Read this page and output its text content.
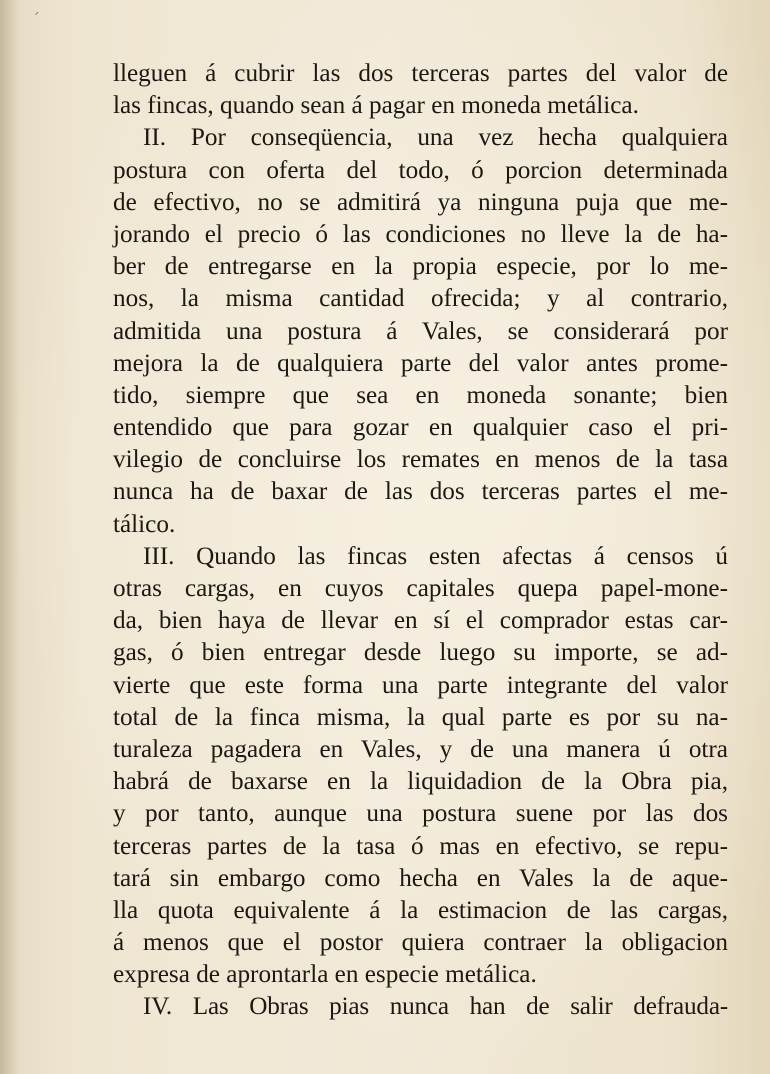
´
lleguen á cubrir las dos terceras partes del valor de
las fincas, quando sean á pagar en moneda metálica.
II. Por conseqüencia, una vez hecha qualquiera
postura con oferta del todo, ó porcion determinada
de efectivo, no se admitirá ya ninguna puja que me-
jorando el precio ó las condiciones no lleve la de ha-
ber de entregarse en la propia especie, por lo me-
nos, la misma cantidad ofrecida; y al contrario,
admitida una postura á Vales, se considerará por
mejora la de qualquiera parte del valor antes prome-
tido, siempre que sea en moneda sonante; bien
entendido que para gozar en qualquier caso el pri-
vilegio de concluirse los remates en menos de la tasa
nunca ha de baxar de las dos terceras partes el me-
tálico.
III. Quando las fincas esten afectas á censos ú
otras cargas, en cuyos capitales quepa papel-mone-
da, bien haya de llevar en sí el comprador estas car-
gas, ó bien entregar desde luego su importe, se ad-
vierte que este forma una parte integrante del valor
total de la finca misma, la qual parte es por su na-
turaleza pagadera en Vales, y de una manera ú otra
habrá de baxarse en la liquidadion de la Obra pia,
y por tanto, aunque una postura suene por las dos
terceras partes de la tasa ó mas en efectivo, se repu-
tará sin embargo como hecha en Vales la de aque-
lla quota equivalente á la estimacion de las cargas,
á menos que el postor quiera contraer la obligacion
expresa de aprontarla en especie metálica.
IV. Las Obras pias nunca han de salir defrauda-
